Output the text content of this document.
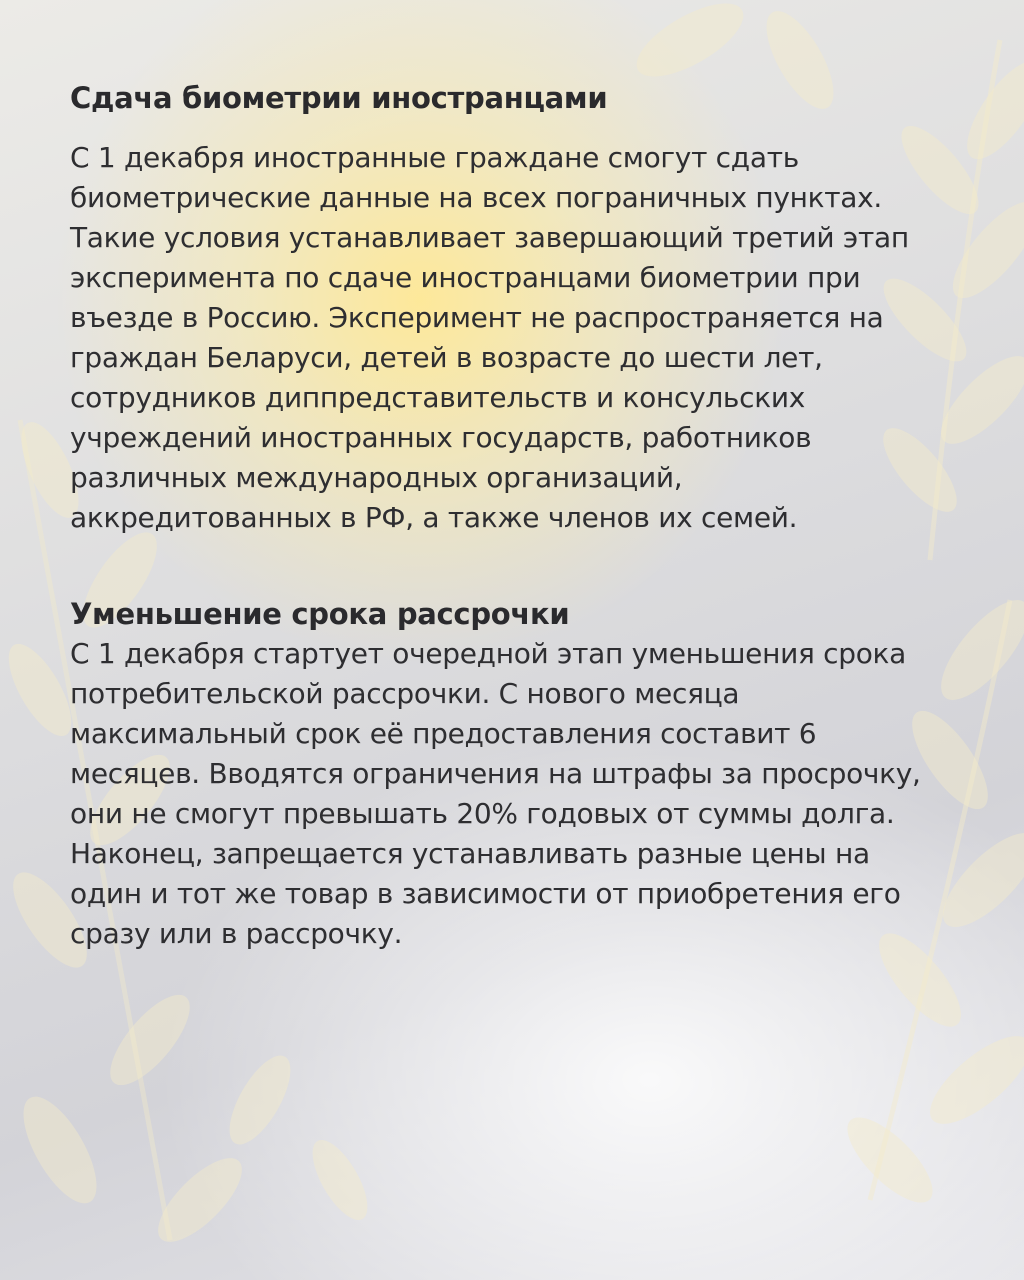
Сдача биометрии иностранцами

С 1 декабря иностранные граждане смогут сдать биометрические данные на всех пограничных пунктах. Такие условия устанавливает завершающий третий этап эксперимента по сдаче иностранцами биометрии при въезде в Россию. Эксперимент не распространяется на граждан Беларуси, детей в возрасте до шести лет, сотрудников диппредставительств и консульских учреждений иностранных государств, работников различных международных организаций, аккредитованных в РФ, а также членов их семей.

Уменьшение срока рассрочки

С 1 декабря стартует очередной этап уменьшения срока потребительской рассрочки. С нового месяца максимальный срок её предоставления составит 6 месяцев. Вводятся ограничения на штрафы за просрочку, они не смогут превышать 20% годовых от суммы долга. Наконец, запрещается устанавливать разные цены на один и тот же товар в зависимости от приобретения его сразу или в рассрочку.
